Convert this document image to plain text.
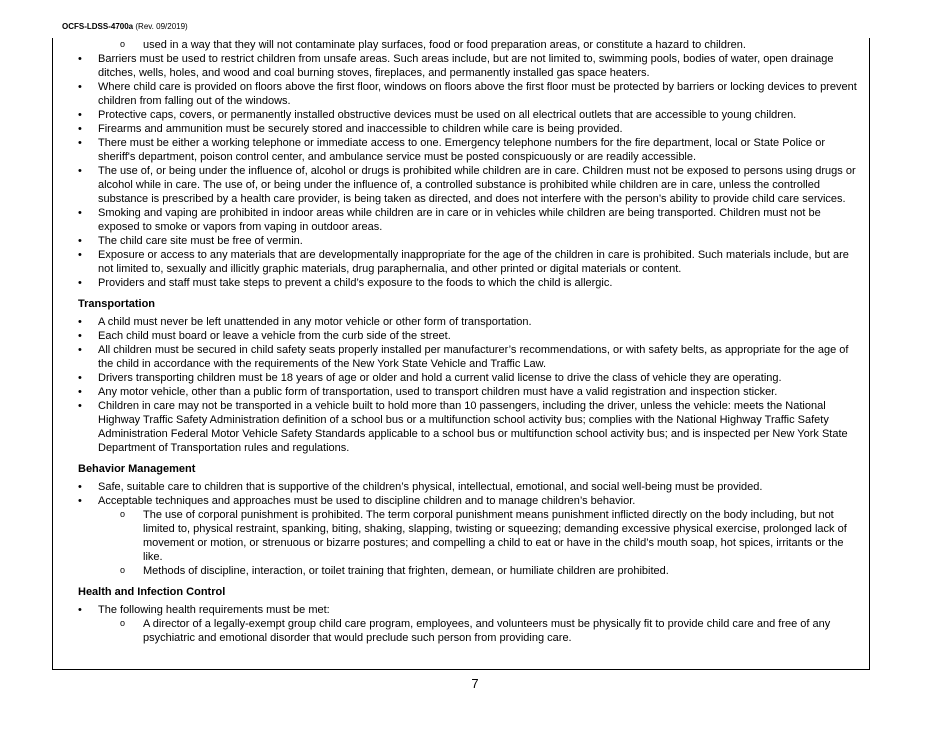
OCFS-LDSS-4700a (Rev. 09/2019)
o used in a way that they will not contaminate play surfaces, food or food preparation areas, or constitute a hazard to children.
• Barriers must be used to restrict children from unsafe areas. Such areas include, but are not limited to, swimming pools, bodies of water, open drainage ditches, wells, holes, and wood and coal burning stoves, fireplaces, and permanently installed gas space heaters.
• Where child care is provided on floors above the first floor, windows on floors above the first floor must be protected by barriers or locking devices to prevent children from falling out of the windows.
• Protective caps, covers, or permanently installed obstructive devices must be used on all electrical outlets that are accessible to young children.
• Firearms and ammunition must be securely stored and inaccessible to children while care is being provided.
• There must be either a working telephone or immediate access to one. Emergency telephone numbers for the fire department, local or State Police or sheriff's department, poison control center, and ambulance service must be posted conspicuously or are readily accessible.
• The use of, or being under the influence of, alcohol or drugs is prohibited while children are in care. Children must not be exposed to persons using drugs or alcohol while in care. The use of, or being under the influence of, a controlled substance is prohibited while children are in care, unless the controlled substance is prescribed by a health care provider, is being taken as directed, and does not interfere with the person’s ability to provide child care services.
• Smoking and vaping are prohibited in indoor areas while children are in care or in vehicles while children are being transported. Children must not be exposed to smoke or vapors from vaping in outdoor areas.
• The child care site must be free of vermin.
• Exposure or access to any materials that are developmentally inappropriate for the age of the children in care is prohibited. Such materials include, but are not limited to, sexually and illicitly graphic materials, drug paraphernalia, and other printed or digital materials or content.
• Providers and staff must take steps to prevent a child’s exposure to the foods to which the child is allergic.
Transportation
• A child must never be left unattended in any motor vehicle or other form of transportation.
• Each child must board or leave a vehicle from the curb side of the street.
• All children must be secured in child safety seats properly installed per manufacturer’s recommendations, or with safety belts, as appropriate for the age of the child in accordance with the requirements of the New York State Vehicle and Traffic Law.
• Drivers transporting children must be 18 years of age or older and hold a current valid license to drive the class of vehicle they are operating.
• Any motor vehicle, other than a public form of transportation, used to transport children must have a valid registration and inspection sticker.
• Children in care may not be transported in a vehicle built to hold more than 10 passengers, including the driver, unless the vehicle: meets the National Highway Traffic Safety Administration definition of a school bus or a multifunction school activity bus; complies with the National Highway Traffic Safety Administration Federal Motor Vehicle Safety Standards applicable to a school bus or multifunction school activity bus; and is inspected per New York State Department of Transportation rules and regulations.
Behavior Management
• Safe, suitable care to children that is supportive of the children’s physical, intellectual, emotional, and social well-being must be provided.
• Acceptable techniques and approaches must be used to discipline children and to manage children’s behavior.
o The use of corporal punishment is prohibited. The term corporal punishment means punishment inflicted directly on the body including, but not limited to, physical restraint, spanking, biting, shaking, slapping, twisting or squeezing; demanding excessive physical exercise, prolonged lack of movement or motion, or strenuous or bizarre postures; and compelling a child to eat or have in the child’s mouth soap, hot spices, irritants or the like.
o Methods of discipline, interaction, or toilet training that frighten, demean, or humiliate children are prohibited.
Health and Infection Control
• The following health requirements must be met:
o A director of a legally-exempt group child care program, employees, and volunteers must be physically fit to provide child care and free of any psychiatric and emotional disorder that would preclude such person from providing care.
7
